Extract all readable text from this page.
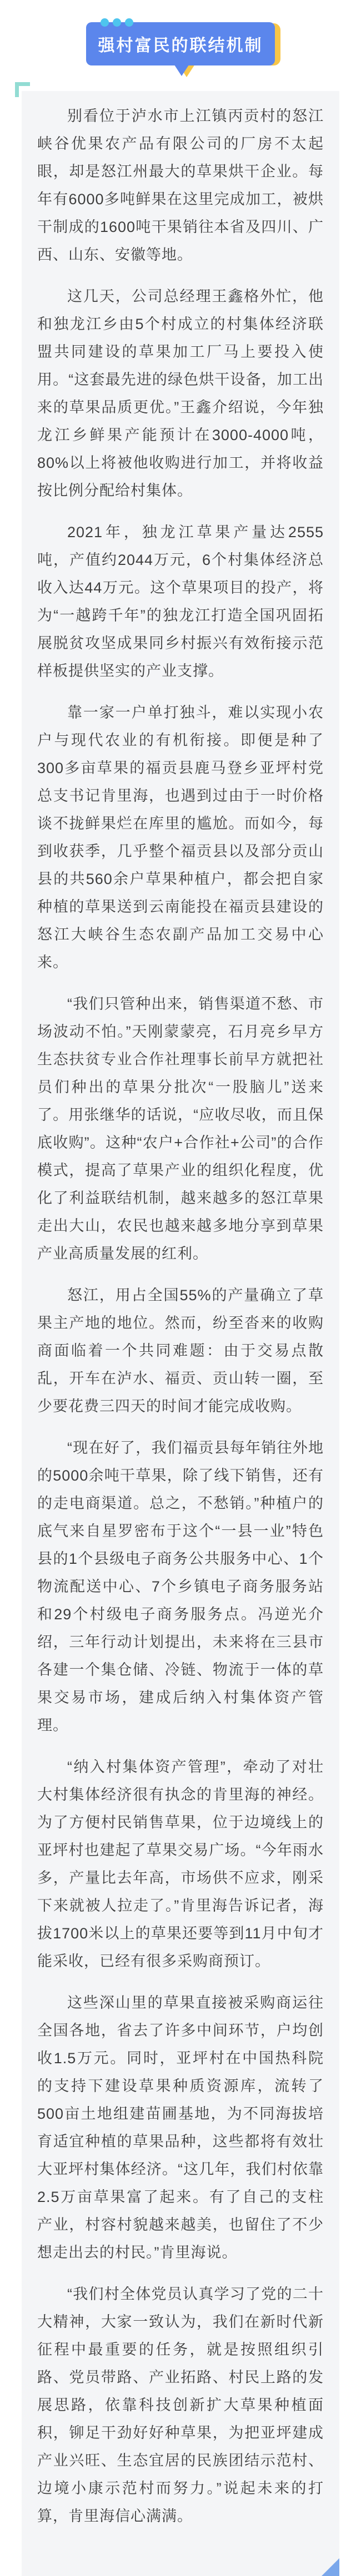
强村富民的联结机制

别看位于泸水市上江镇丙贡村的怒江峡谷优果农产品有限公司的厂房不太起眼，却是怒江州最大的草果烘干企业。每年有6000多吨鲜果在这里完成加工，被烘干制成的1600吨干果销往本省及四川、广西、山东、安徽等地。

这几天，公司总经理王鑫格外忙，他和独龙江乡由5个村成立的村集体经济联盟共同建设的草果加工厂马上要投入使用。“这套最先进的绿色烘干设备，加工出来的草果品质更优。”王鑫介绍说，今年独龙江乡鲜果产能预计在3000-4000吨，80%以上将被他收购进行加工，并将收益按比例分配给村集体。

2021年，独龙江草果产量达2555吨，产值约2044万元，6个村集体经济总收入达44万元。这个草果项目的投产，将为“一越跨千年”的独龙江打造全国巩固拓展脱贫攻坚成果同乡村振兴有效衔接示范样板提供坚实的产业支撑。

靠一家一户单打独斗，难以实现小农户与现代农业的有机衔接。即便是种了300多亩草果的福贡县鹿马登乡亚坪村党总支书记肯里海，也遇到过由于一时价格谈不拢鲜果烂在库里的尴尬。而如今，每到收获季，几乎整个福贡县以及部分贡山县的共560余户草果种植户，都会把自家种植的草果送到云南能投在福贡县建设的怒江大峡谷生态农副产品加工交易中心来。

“我们只管种出来，销售渠道不愁、市场波动不怕。”天刚蒙蒙亮，石月亮乡早方生态扶贫专业合作社理事长前早方就把社员们种出的草果分批次“一股脑儿”送来了。用张继华的话说，“应收尽收，而且保底收购”。这种“农户+合作社+公司”的合作模式，提高了草果产业的组织化程度，优化了利益联结机制，越来越多的怒江草果走出大山，农民也越来越多地分享到草果产业高质量发展的红利。

怒江，用占全国55%的产量确立了草果主产地的地位。然而，纷至沓来的收购商面临着一个共同难题：由于交易点散乱，开车在泸水、福贡、贡山转一圈，至少要花费三四天的时间才能完成收购。

“现在好了，我们福贡县每年销往外地的5000余吨干草果，除了线下销售，还有的走电商渠道。总之，不愁销。”种植户的底气来自星罗密布于这个“一县一业”特色县的1个县级电子商务公共服务中心、1个物流配送中心、7个乡镇电子商务服务站和29个村级电子商务服务点。冯逆光介绍，三年行动计划提出，未来将在三县市各建一个集仓储、冷链、物流于一体的草果交易市场，建成后纳入村集体资产管理。

“纳入村集体资产管理”，牵动了对壮大村集体经济很有执念的肯里海的神经。为了方便村民销售草果，位于边境线上的亚坪村也建起了草果交易广场。“今年雨水多，产量比去年高，市场供不应求，刚采下来就被人拉走了。”肯里海告诉记者，海拔1700米以上的草果还要等到11月中旬才能采收，已经有很多采购商预订。

这些深山里的草果直接被采购商运往全国各地，省去了许多中间环节，户均创收1.5万元。同时，亚坪村在中国热科院的支持下建设草果种质资源库，流转了500亩土地组建苗圃基地，为不同海拔培育适宜种植的草果品种，这些都将有效壮大亚坪村集体经济。“这几年，我们村依靠2.5万亩草果富了起来。有了自己的支柱产业，村容村貌越来越美，也留住了不少想走出去的村民。”肯里海说。

“我们村全体党员认真学习了党的二十大精神，大家一致认为，我们在新时代新征程中最重要的任务，就是按照组织引路、党员带路、产业拓路、村民上路的发展思路，依靠科技创新扩大草果种植面积，铆足干劲好好种草果，为把亚坪建成产业兴旺、生态宜居的民族团结示范村、边境小康示范村而努力。”说起未来的打算，肯里海信心满满。
